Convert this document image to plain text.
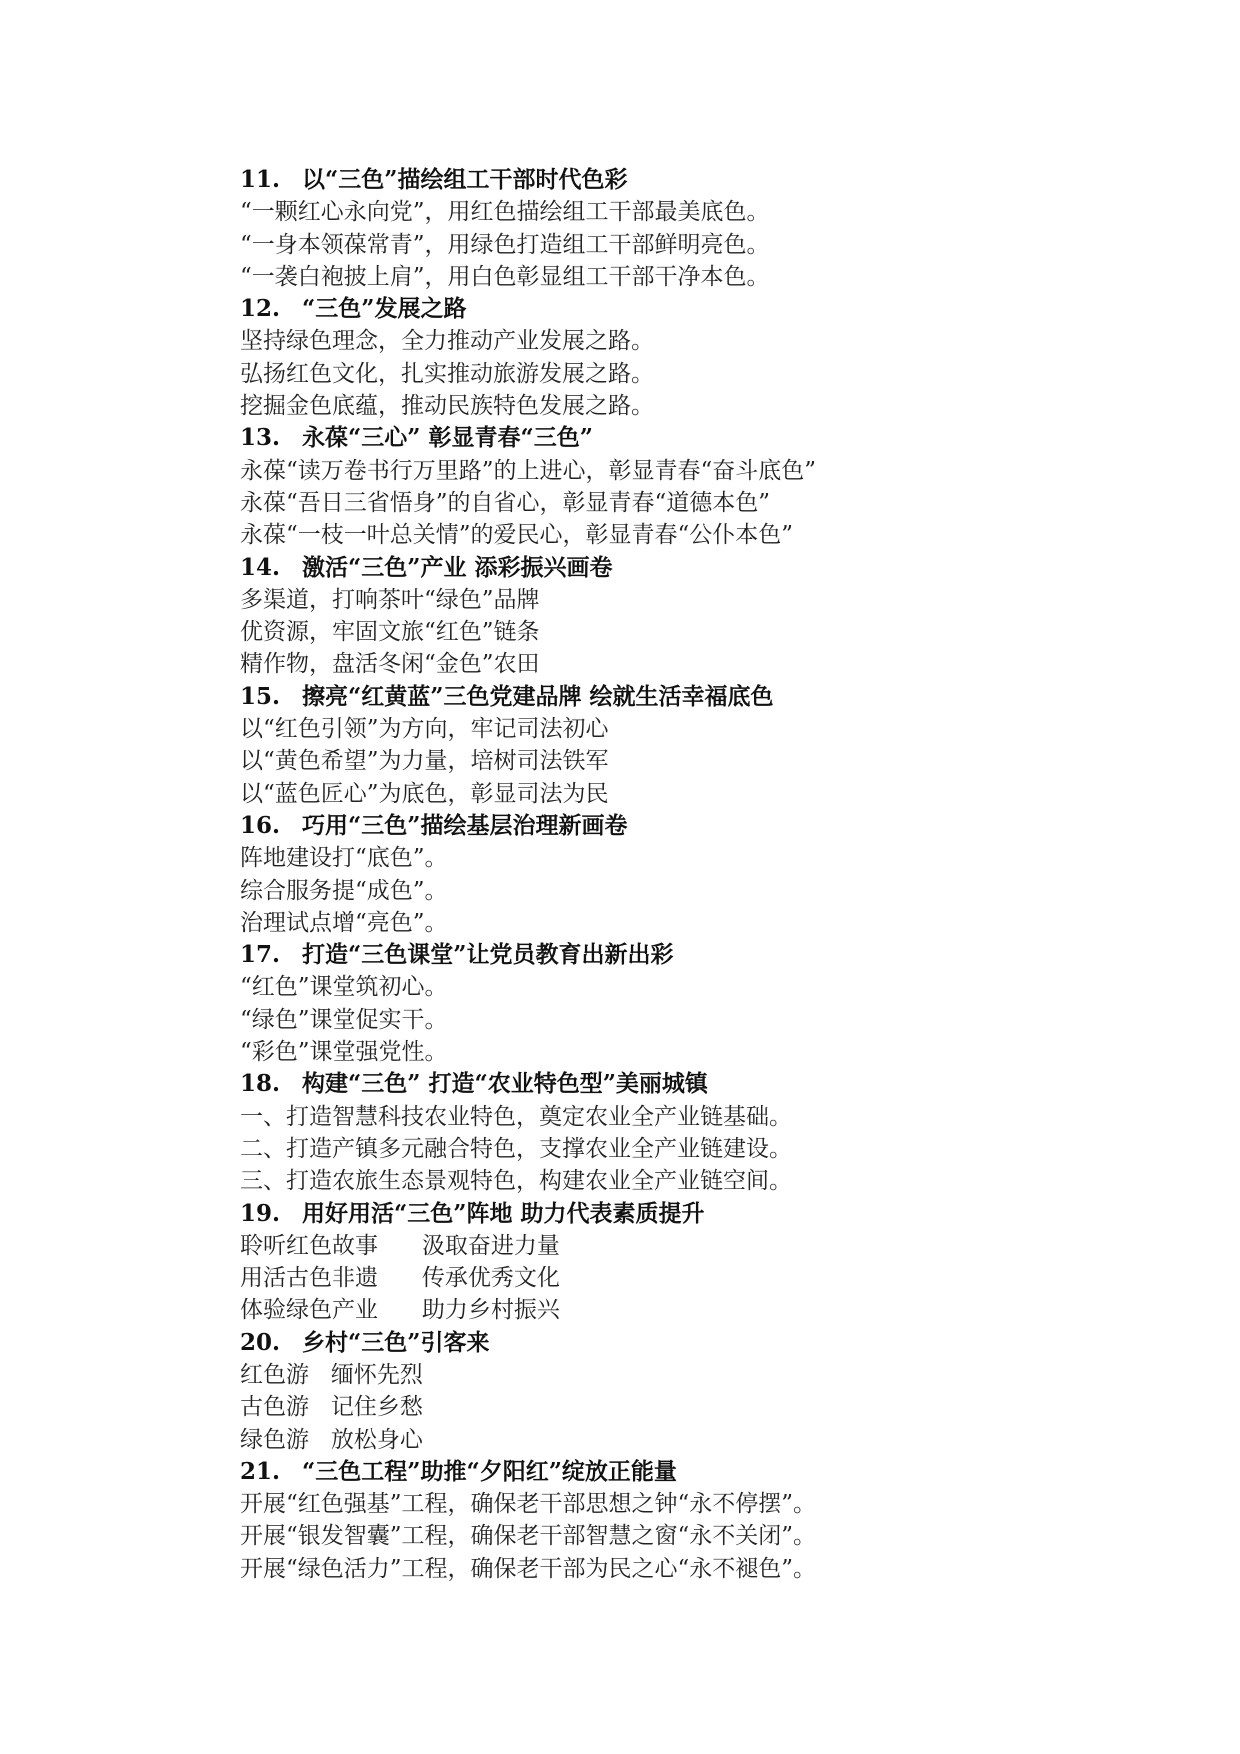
11. 以“三色”描绘组工干部时代色彩
“一颗红心永向党”，用红色描绘组工干部最美底色。
“一身本领葆常青”，用绿色打造组工干部鲜明亮色。
“一袭白袍披上肩”，用白色彰显组工干部干净本色。
12. “三色”发展之路
坚持绿色理念，全力推动产业发展之路。
弘扬红色文化，扎实推动旅游发展之路。
挖掘金色底蕴，推动民族特色发展之路。
13. 永葆“三心” 彰显青春“三色”
永葆“读万卷书行万里路”的上进心，彰显青春“奋斗底色”
永葆“吾日三省悟身”的自省心，彰显青春“道德本色”
永葆“一枝一叶总关情”的爱民心，彰显青春“公仆本色”
14. 激活“三色”产业 添彩振兴画卷
多渠道，打响茶叶“绿色”品牌
优资源，牢固文旅“红色”链条
精作物，盘活冬闲“金色”农田
15. 擦亮“红黄蓝”三色党建品牌 绘就生活幸福底色
以“红色引领”为方向，牢记司法初心
以“黄色希望”为力量，培树司法铁军
以“蓝色匠心”为底色，彰显司法为民
16. 巧用“三色”描绘基层治理新画卷
阵地建设打“底色”。
综合服务提“成色”。
治理试点增“亮色”。
17. 打造“三色课堂”让党员教育出新出彩
“红色”课堂筑初心。
“绿色”课堂促实干。
“彩色”课堂强党性。
18. 构建“三色” 打造“农业特色型”美丽城镇
一、打造智慧科技农业特色，奠定农业全产业链基础。
二、打造产镇多元融合特色，支撑农业全产业链建设。
三、打造农旅生态景观特色，构建农业全产业链空间。
19. 用好用活“三色”阵地 助力代表素质提升
聆听红色故事      汲取奋进力量
用活古色非遗      传承优秀文化
体验绿色产业      助力乡村振兴
20. 乡村“三色”引客来
红色游   缅怀先烈
古色游   记住乡愁
绿色游   放松身心
21. “三色工程”助推“夕阳红”绽放正能量
开展“红色强基”工程，确保老干部思想之钟“永不停摆”。
开展“银发智囊”工程，确保老干部智慧之窗“永不关闭”。
开展“绿色活力”工程，确保老干部为民之心“永不褪色”。
